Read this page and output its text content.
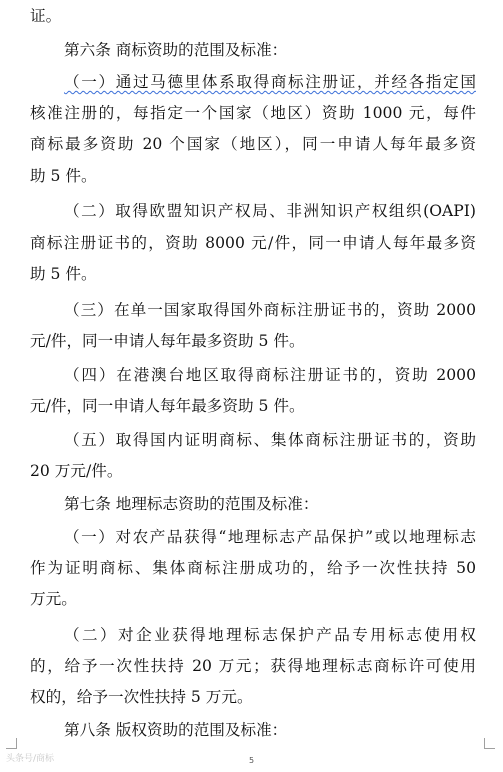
证。
第六条 商标资助的范围及标准：
（一）通过马德里体系取得商标注册证，并经各指定国
核准注册的，每指定一个国家（地区）资助 1000 元，每件
商标最多资助 20 个国家（地区），同一申请人每年最多资
助 5 件。
（二）取得欧盟知识产权局、非洲知识产权组织(OAPI)
商标注册证书的，资助 8000 元/件，同一申请人每年最多资
助 5 件。
（三）在单一国家取得国外商标注册证书的，资助 2000
元/件，同一申请人每年最多资助 5 件。
（四）在港澳台地区取得商标注册证书的，资助 2000
元/件，同一申请人每年最多资助 5 件。
（五）取得国内证明商标、集体商标注册证书的，资助
20 万元/件。
第七条 地理标志资助的范围及标准：
（一）对农产品获得“地理标志产品保护”或以地理标志
作为证明商标、集体商标注册成功的，给予一次性扶持 50
万元。
（二）对企业获得地理标志保护产品专用标志使用权
的，给予一次性扶持 20 万元；获得地理标志商标许可使用
权的，给予一次性扶持 5 万元。
第八条 版权资助的范围及标准：
头条号/商标	5
